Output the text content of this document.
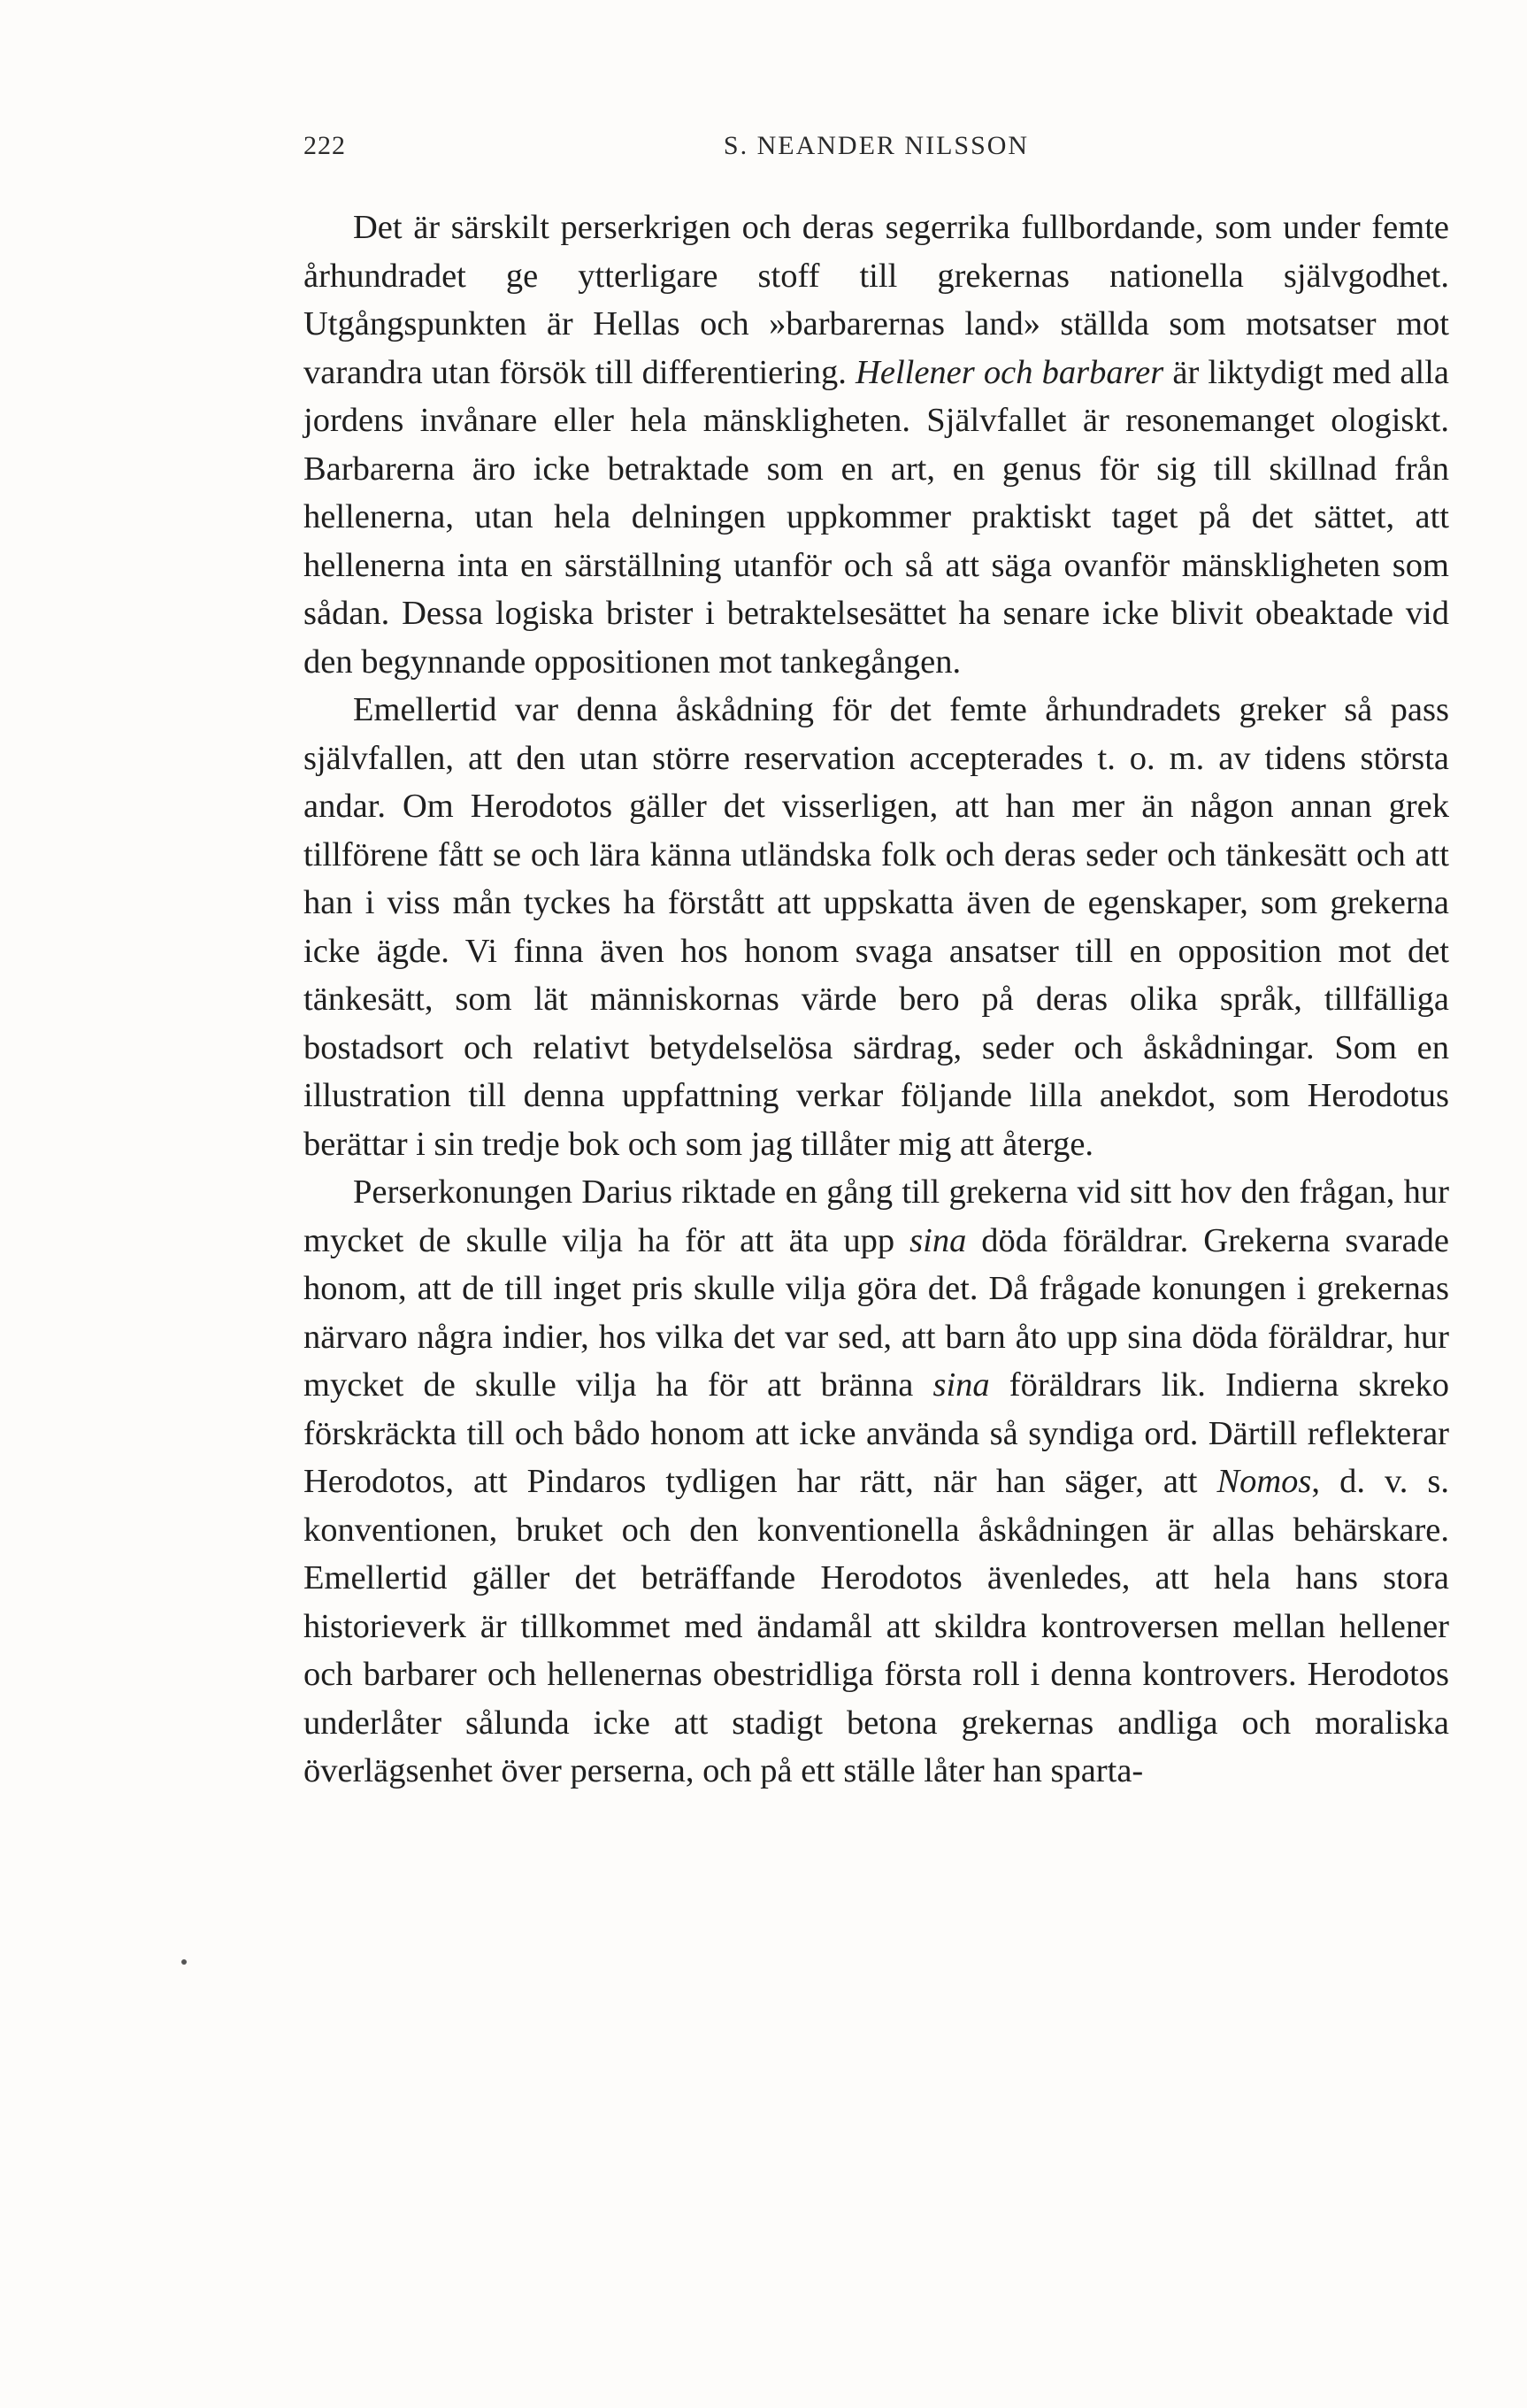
222	S. NEANDER NILSSON

Det är särskilt perserkrigen och deras segerrika fullbordande, som under femte århundradet ge ytterligare stoff till grekernas nationella självgodhet. Utgångspunkten är Hellas och »barbarernas land» ställda som motsatser mot varandra utan försök till differentiering. Hellener och barbarer är liktydigt med alla jordens invånare eller hela mänskligheten. Självfallet är resonemanget ologiskt. Barbarerna äro icke betraktade som en art, en genus för sig till skillnad från hellenerna, utan hela delningen uppkommer praktiskt taget på det sättet, att hellenerna inta en särställning utanför och så att säga ovanför mänskligheten som sådan. Dessa logiska brister i betraktelsesättet ha senare icke blivit obeaktade vid den begynnande oppositionen mot tankegången.

Emellertid var denna åskådning för det femte århundradets greker så pass självfallen, att den utan större reservation accepterades t. o. m. av tidens största andar. Om Herodotos gäller det visserligen, att han mer än någon annan grek tillförene fått se och lära känna utländska folk och deras seder och tänkesätt och att han i viss mån tyckes ha förstått att uppskatta även de egenskaper, som grekerna icke ägde. Vi finna även hos honom svaga ansatser till en opposition mot det tänkesätt, som lät människornas värde bero på deras olika språk, tillfälliga bostadsort och relativt betydelselösa särdrag, seder och åskådningar. Som en illustration till denna uppfattning verkar följande lilla anekdot, som Herodotus berättar i sin tredje bok och som jag tillåter mig att återge.

Perserkonungen Darius riktade en gång till grekerna vid sitt hov den frågan, hur mycket de skulle vilja ha för att äta upp sina döda föräldrar. Grekerna svarade honom, att de till inget pris skulle vilja göra det. Då frågade konungen i grekernas närvaro några indier, hos vilka det var sed, att barn åto upp sina döda föräldrar, hur mycket de skulle vilja ha för att bränna sina föräldrars lik. Indierna skreko förskräckta till och bådo honom att icke använda så syndiga ord. Därtill reflekterar Herodotos, att Pindaros tydligen har rätt, när han säger, att Nomos, d. v. s. konventionen, bruket och den konventionella åskådningen är allas behärskare. Emellertid gäller det beträffande Herodotos ävenledes, att hela hans stora historieverk är tillkommet med ändamål att skildra kontroversen mellan hellener och barbarer och hellenernas obestridliga första roll i denna kontrovers. Herodotos underlåter sålunda icke att stadigt betona grekernas andliga och moraliska överlägsenhet över perserna, och på ett ställe låter han sparta-
